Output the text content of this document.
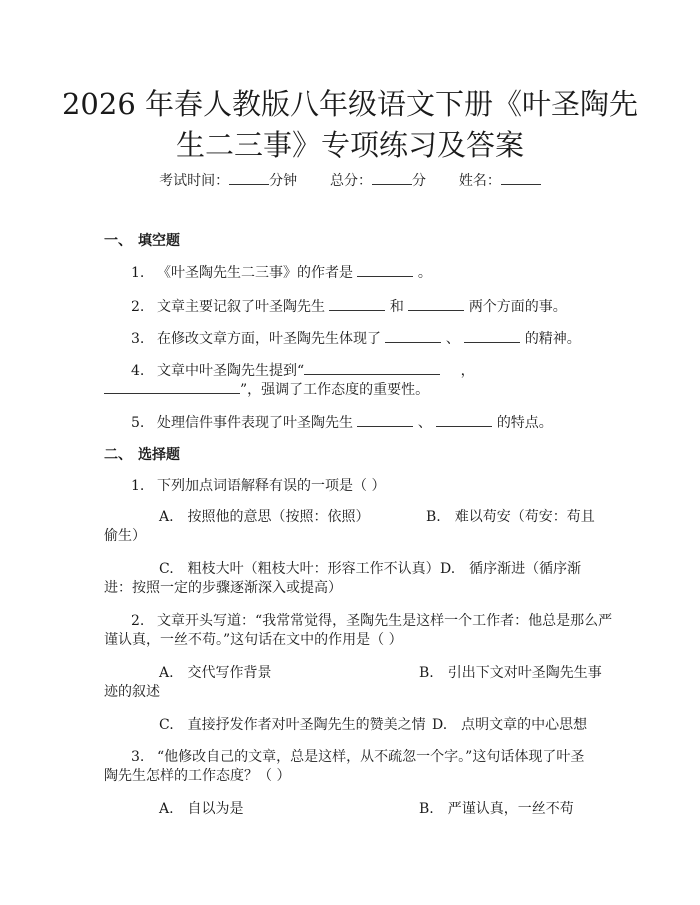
2026 年春人教版八年级语文下册《叶圣陶先
生二三事》专项练习及答案
考试时间：	分钟 总分：	分 姓名：
一、 填空题
1. 《叶圣陶先生二三事》的作者是	。
2. 文章主要记叙了叶圣陶先生	和	两个方面的事。
3. 在修改文章方面，叶圣陶先生体现了	、	的精神。
4. 文章中叶圣陶先生提到“	，
”，强调了工作态度的重要性。
5. 处理信件事件表现了叶圣陶先生	、	的特点。
二、 选择题
1. 下列加点词语解释有误的一项是（ ）
A.　按照他的意思（按照：依照）	B.　难以苟安（苟安：苟且
偷生）
C.　粗枝大叶（粗枝大叶：形容工作不认真） D.　循序渐进（循序渐
进：按照一定的步骤逐渐深入或提高）
2. 文章开头写道：“我常常觉得，圣陶先生是这样一个工作者：他总是那么严
谨认真，一丝不苟。”这句话在文中的作用是（ ）
A.　交代写作背景	B.　引出下文对叶圣陶先生事
迹的叙述
C.　直接抒发作者对叶圣陶先生的赞美之情 D.　点明文章的中心思想
3. “他修改自己的文章，总是这样，从不疏忽一个字。”这句话体现了叶圣
陶先生怎样的工作态度？（ ）
A.　自以为是	B.　严谨认真，一丝不苟
